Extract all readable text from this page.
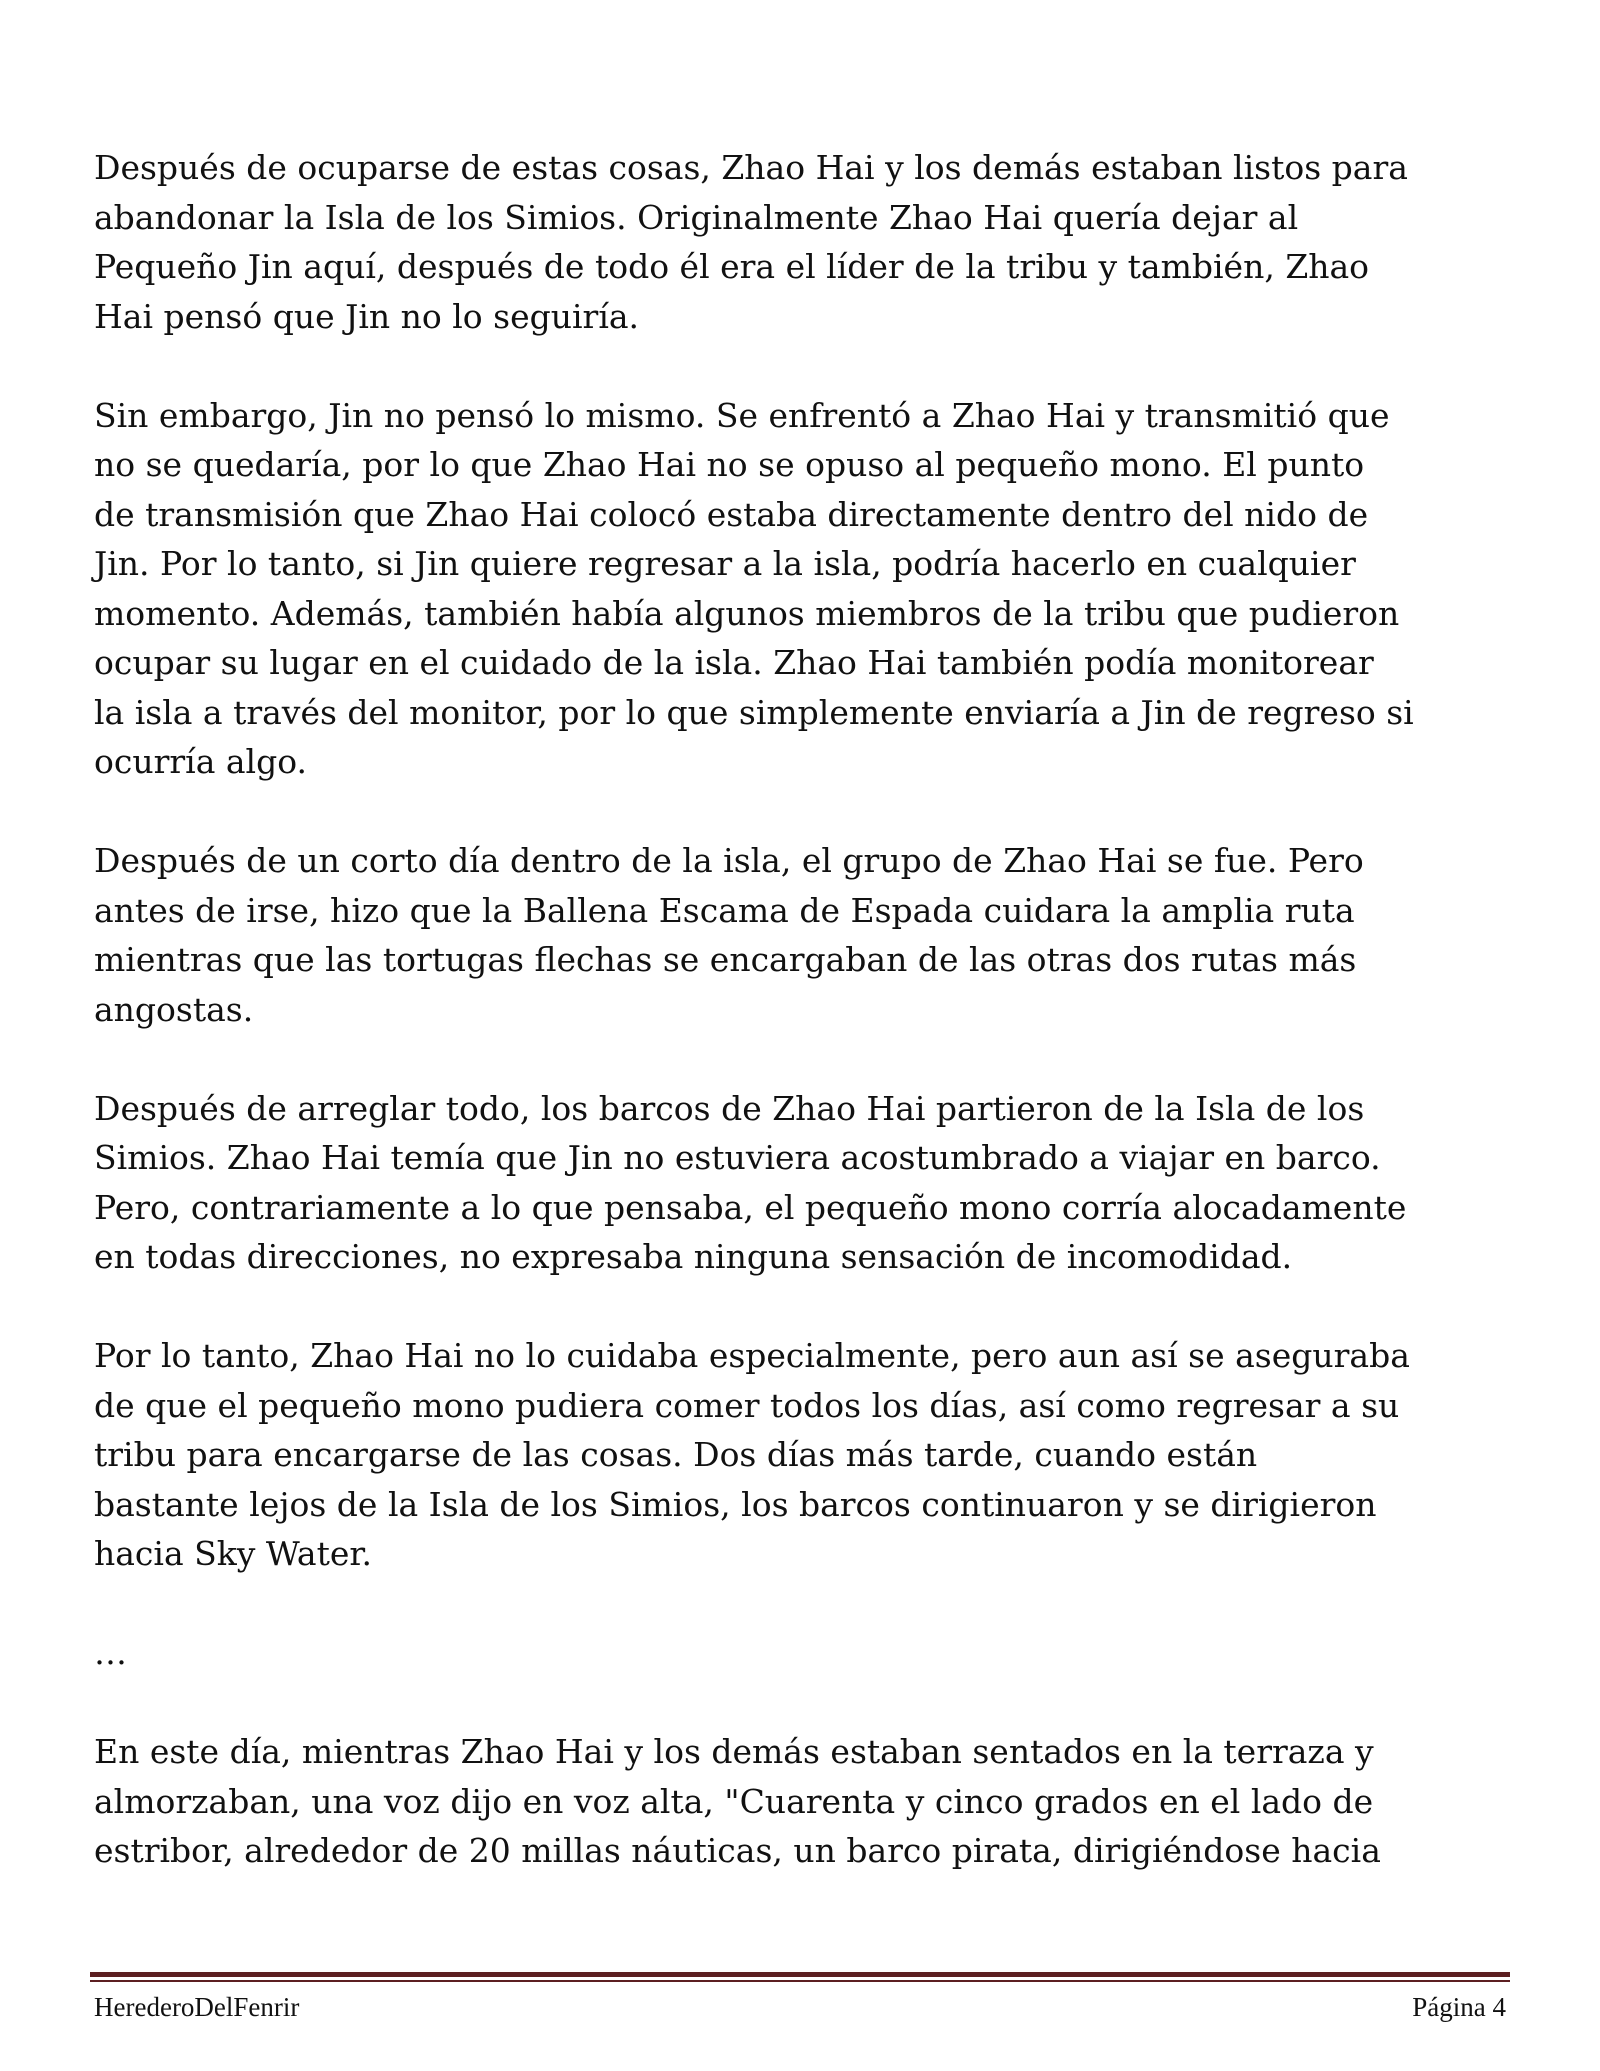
Después de ocuparse de estas cosas, Zhao Hai y los demás estaban listos para
abandonar la Isla de los Simios. Originalmente Zhao Hai quería dejar al
Pequeño Jin aquí, después de todo él era el líder de la tribu y también, Zhao
Hai pensó que Jin no lo seguiría.
Sin embargo, Jin no pensó lo mismo. Se enfrentó a Zhao Hai y transmitió que
no se quedaría, por lo que Zhao Hai no se opuso al pequeño mono. El punto
de transmisión que Zhao Hai colocó estaba directamente dentro del nido de
Jin. Por lo tanto, si Jin quiere regresar a la isla, podría hacerlo en cualquier
momento. Además, también había algunos miembros de la tribu que pudieron
ocupar su lugar en el cuidado de la isla. Zhao Hai también podía monitorear
la isla a través del monitor, por lo que simplemente enviaría a Jin de regreso si
ocurría algo.
Después de un corto día dentro de la isla, el grupo de Zhao Hai se fue. Pero
antes de irse, hizo que la Ballena Escama de Espada cuidara la amplia ruta
mientras que las tortugas flechas se encargaban de las otras dos rutas más
angostas.
Después de arreglar todo, los barcos de Zhao Hai partieron de la Isla de los
Simios. Zhao Hai temía que Jin no estuviera acostumbrado a viajar en barco.
Pero, contrariamente a lo que pensaba, el pequeño mono corría alocadamente
en todas direcciones, no expresaba ninguna sensación de incomodidad.
Por lo tanto, Zhao Hai no lo cuidaba especialmente, pero aun así se aseguraba
de que el pequeño mono pudiera comer todos los días, así como regresar a su
tribu para encargarse de las cosas. Dos días más tarde, cuando están
bastante lejos de la Isla de los Simios, los barcos continuaron y se dirigieron
hacia Sky Water.
…
En este día, mientras Zhao Hai y los demás estaban sentados en la terraza y
almorzaban, una voz dijo en voz alta, "Cuarenta y cinco grados en el lado de
estribor, alrededor de 20 millas náuticas, un barco pirata, dirigiéndose hacia
HerederoDelFenrir	Página 4
